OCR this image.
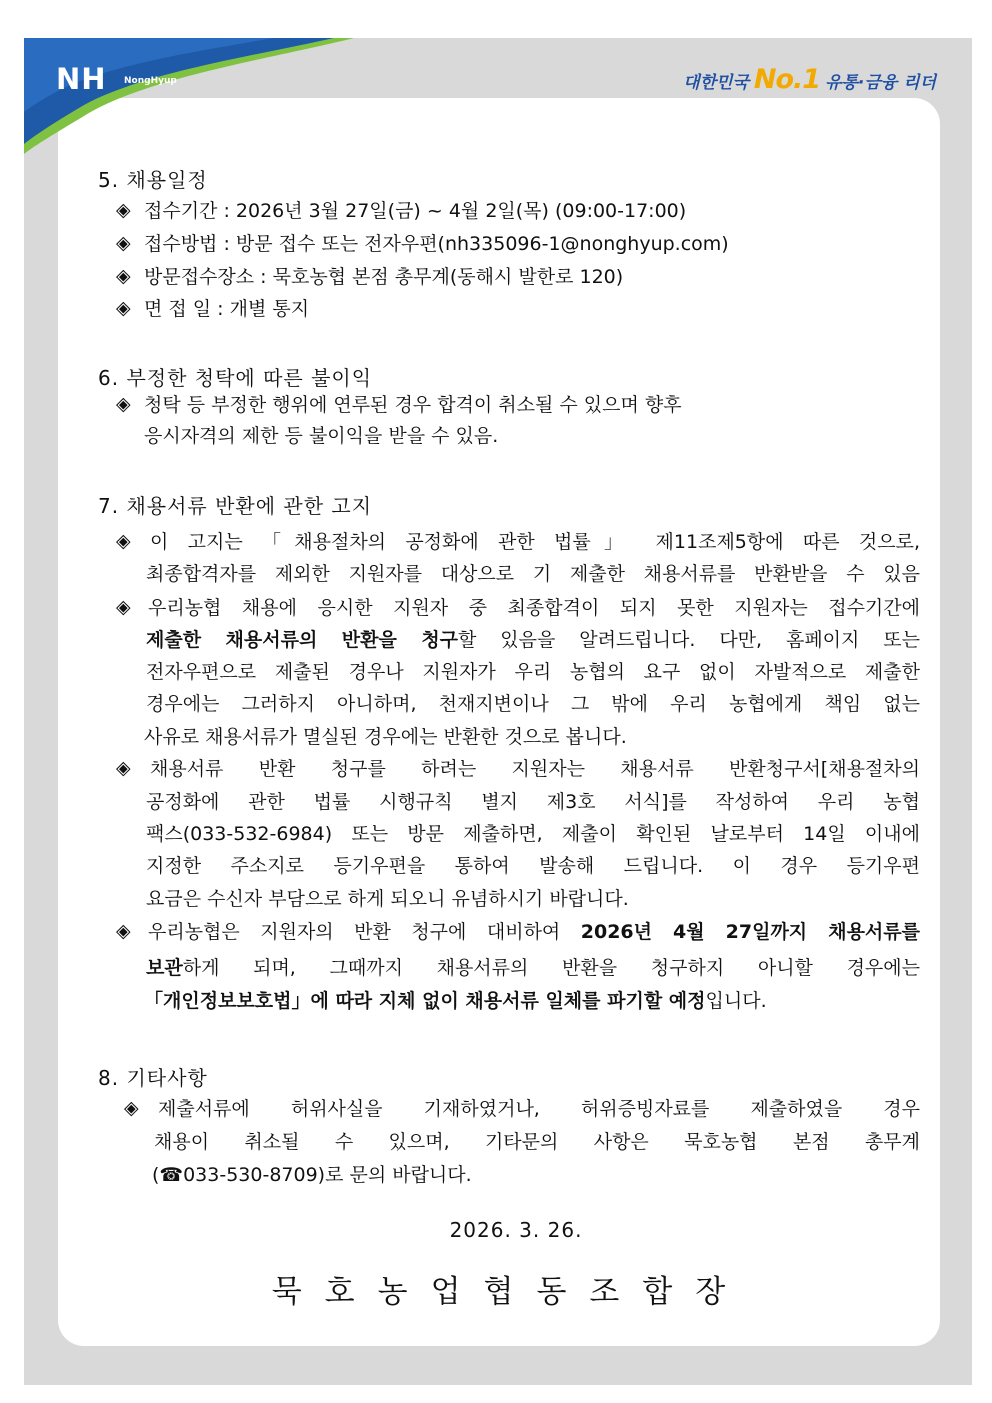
NH NongHyup	대한민국 No.1 유통·금융 리더
5. 채용일정
◈ 접수기간 : 2026년 3월 27일(금) ~ 4월 2일(목) (09:00-17:00)
◈ 접수방법 : 방문 접수 또는 전자우편(nh335096-1@nonghyup.com)
◈ 방문접수장소 : 묵호농협 본점 총무계(동해시 발한로 120)
◈ 면 접 일 : 개별 통지
6. 부정한 청탁에 따른 불이익
◈ 청탁 등 부정한 행위에 연루된 경우 합격이 취소될 수 있으며 향후
응시자격의 제한 등 불이익을 받을 수 있음.
7. 채용서류 반환에 관한 고지
◈ 이 고지는 「채용절차의 공정화에 관한 법률」 제11조제5항에 따른 것으로,
최종합격자를 제외한 지원자를 대상으로 기 제출한 채용서류를 반환받을 수 있음
◈ 우리농협 채용에 응시한 지원자 중 최종합격이 되지 못한 지원자는 접수기간에
제출한 채용서류의 반환을 청구할 있음을 알려드립니다. 다만, 홈페이지 또는
전자우편으로 제출된 경우나 지원자가 우리 농협의 요구 없이 자발적으로 제출한
경우에는 그러하지 아니하며, 천재지변이나 그 밖에 우리 농협에게 책임 없는
사유로 채용서류가 멸실된 경우에는 반환한 것으로 봅니다.
◈ 채용서류 반환 청구를 하려는 지원자는 채용서류 반환청구서[채용절차의
공정화에 관한 법률 시행규칙 별지 제3호 서식]를 작성하여 우리 농협
팩스(033-532-6984) 또는 방문 제출하면, 제출이 확인된 날로부터 14일 이내에
지정한 주소지로 등기우편을 통하여 발송해 드립니다. 이 경우 등기우편
요금은 수신자 부담으로 하게 되오니 유념하시기 바랍니다.
◈ 우리농협은 지원자의 반환 청구에 대비하여 2026년 4월 27일까지 채용서류를
보관하게 되며, 그때까지 채용서류의 반환을 청구하지 아니할 경우에는
「개인정보보호법」에 따라 지체 없이 채용서류 일체를 파기할 예정입니다.
8. 기타사항
◈ 제출서류에 허위사실을 기재하였거나, 허위증빙자료를 제출하였을 경우
채용이 취소될 수 있으며, 기타문의 사항은 묵호농협 본점 총무계
(☎033-530-8709)로 문의 바랍니다.
2026. 3. 26.
묵호농업협동조합장
